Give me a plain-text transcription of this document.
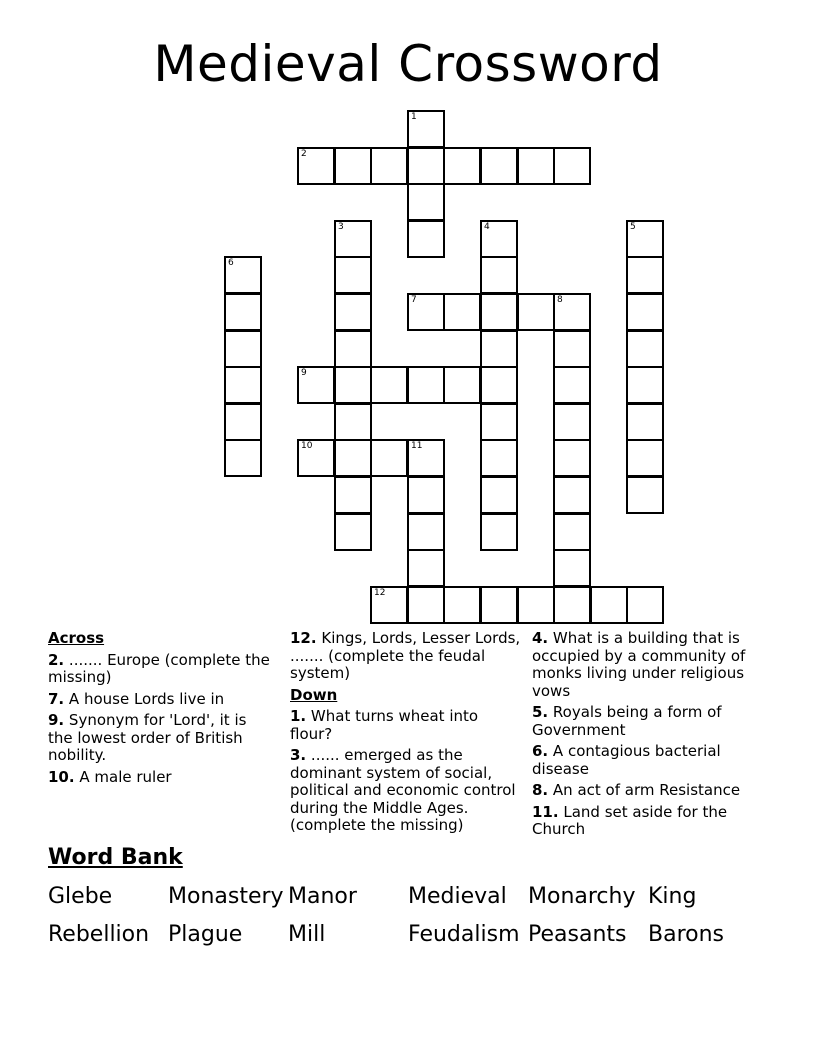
Medieval Crossword
2
7	8
9
10	11
12
1
3	4	5
6
Across
2. ....... Europe (complete the missing)
7. A house Lords live in
9. Synonym for 'Lord', it is the lowest order of British nobility.
10. A male ruler
12. Kings, Lords, Lesser Lords, ....... (complete the feudal system)
Down
1. What turns wheat into flour?
3. ...... emerged as the dominant system of social, political and economic control during the Middle Ages. (complete the missing)
4. What is a building that is occupied by a community of monks living under religious vows
5. Royals being a form of Government
6. A contagious bacterial disease
8. An act of arm Resistance
11. Land set aside for the Church
Word Bank
Glebe	Monastery Manor Medieval Monarchy King
Rebellion Plague Mill	Feudalism Peasants Barons
